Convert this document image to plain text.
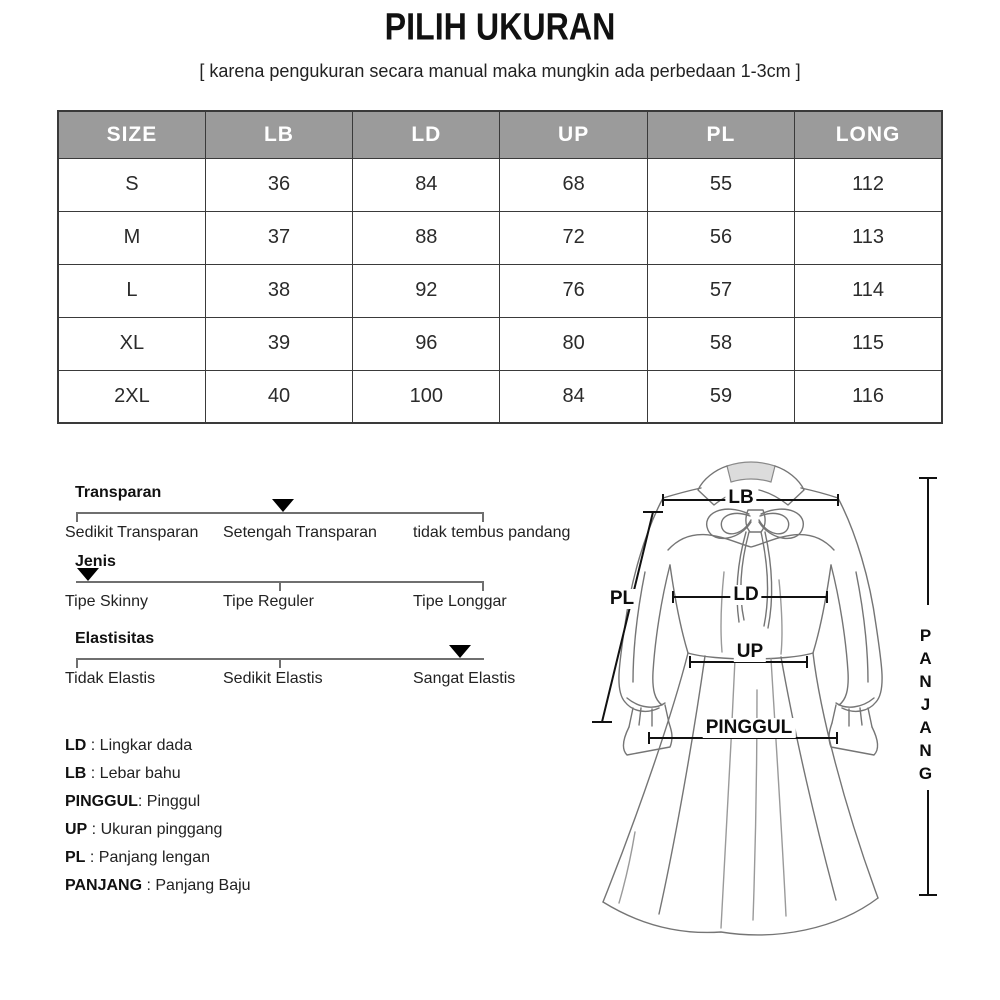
PILIH UKURAN
[ karena pengukuran secara manual maka mungkin ada perbedaan 1-3cm ]
SIZE	LB	LD	UP	PL	LONG
S	36	84	68	55	112
M	37	88	72	56	113
L	38	92	76	57	114
XL	39	96	80	58	115
2XL	40	100	84	59	116
Transparan
Sedikit Transparan Setengah Transparan tidak tembus pandang
Jenis
Tipe Skinny	Tipe Reguler	Tipe Longgar
Elastisitas
Tidak Elastis	Sedikit Elastis	Sangat Elastis
LD : Lingkar dada
LB : Lebar bahu
PINGGUL: Pinggul
UP : Ukuran pinggang
PL : Panjang lengan
PANJANG : Panjang Baju
LB
PL	LD
UP
PINGGUL	PANJANG
